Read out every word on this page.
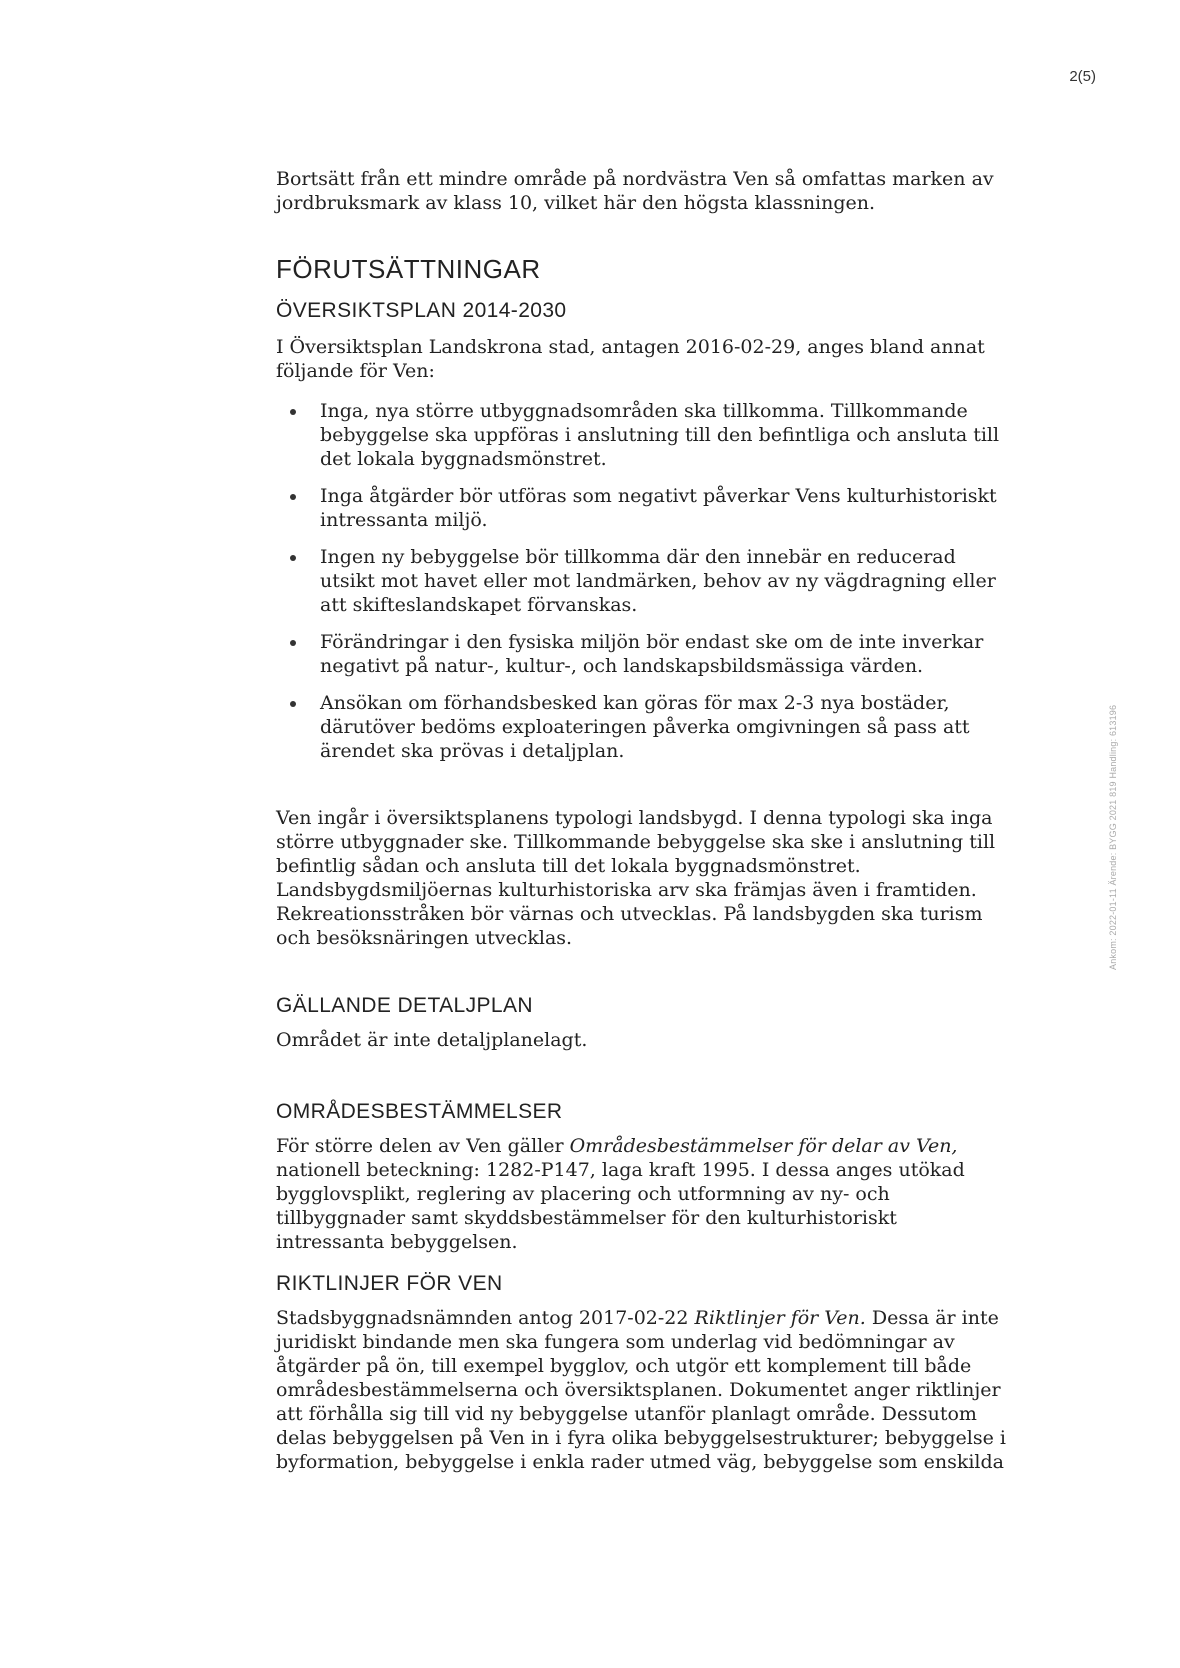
2(5)
Ankom: 2022-01-11 Ärende: BYGG 2021 819 Handling: 613196

Bortsätt från ett mindre område på nordvästra Ven så omfattas marken av jordbruksmark av klass 10, vilket här den högsta klassningen.

FÖRUTSÄTTNINGAR
ÖVERSIKTSPLAN 2014-2030

I Översiktsplan Landskrona stad, antagen 2016-02-29, anges bland annat följande för Ven:

Inga, nya större utbyggnadsområden ska tillkomma. Tillkommande bebyggelse ska uppföras i anslutning till den befintliga och ansluta till det lokala byggnadsmönstret.
Inga åtgärder bör utföras som negativt påverkar Vens kulturhistoriskt intressanta miljö.
Ingen ny bebyggelse bör tillkomma där den innebär en reducerad utsikt mot havet eller mot landmärken, behov av ny vägdragning eller att skifteslandskapet förvanskas.
Förändringar i den fysiska miljön bör endast ske om de inte inverkar negativt på natur-, kultur-, och landskapsbildsmässiga värden.
Ansökan om förhandsbesked kan göras för max 2-3 nya bostäder, därutöver bedöms exploateringen påverka omgivningen så pass att ärendet ska prövas i detaljplan.

Ven ingår i översiktsplanens typologi landsbygd. I denna typologi ska inga större utbyggnader ske. Tillkommande bebyggelse ska ske i anslutning till befintlig sådan och ansluta till det lokala byggnadsmönstret. Landsbygdsmiljöernas kulturhistoriska arv ska främjas även i framtiden. Rekreationsstråken bör värnas och utvecklas. På landsbygden ska turism och besöksnäringen utvecklas.

GÄLLANDE DETALJPLAN

Området är inte detaljplanelagt.

OMRÅDESBESTÄMMELSER

För större delen av Ven gäller Områdesbestämmelser för delar av Ven, nationell beteckning: 1282-P147, laga kraft 1995. I dessa anges utökad bygglovsplikt, reglering av placering och utformning av ny- och tillbyggnader samt skyddsbestämmelser för den kulturhistoriskt intressanta bebyggelsen.

RIKTLINJER FÖR VEN

Stadsbyggnadsnämnden antog 2017-02-22 Riktlinjer för Ven. Dessa är inte juridiskt bindande men ska fungera som underlag vid bedömningar av åtgärder på ön, till exempel bygglov, och utgör ett komplement till både områdesbestämmelserna och översiktsplanen. Dokumentet anger riktlinjer att förhålla sig till vid ny bebyggelse utanför planlagt område. Dessutom delas bebyggelsen på Ven in i fyra olika bebyggelsestrukturer; bebyggelse i byformation, bebyggelse i enkla rader utmed väg, bebyggelse som enskilda
